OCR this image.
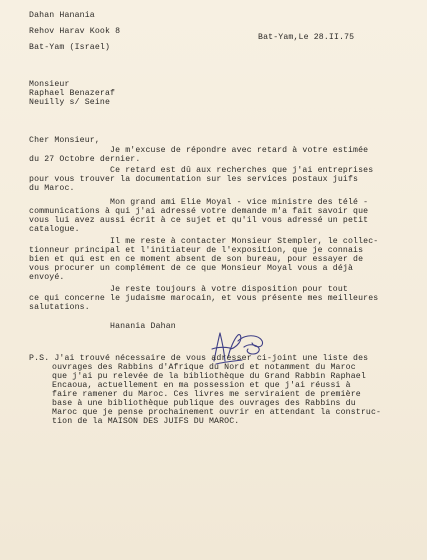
Dahan Hanania
Rehov Harav Kook 8
Bat-Yam (Israel)
Bat-Yam,Le 28.II.75
Monsieur
Raphael Benazeraf
Neuilly s/ Seine
Cher Monsieur,
Je m'excuse de répondre avec retard à votre estimée
du 27 Octobre dernier.
Ce retard est dû aux recherches que j'ai entreprises
pour vous trouver la documentation sur les services postaux juifs
du Maroc.
Mon grand ami Elie Moyal - vice ministre des télé -
communications à qui j'ai adressé votre demande m'a fait savoir que
vous lui avez aussi écrit à ce sujet et qu'il vous adressé un petit
catalogue.
Il me reste à contacter Monsieur Stempler, le collec-
tionneur principal et l'initiateur de l'exposition, que je connais
bien et qui est en ce moment absent de son bureau, pour essayer de
vous procurer un complément de ce que Monsieur Moyal vous a déjà
envoyé.
Je reste toujours à votre disposition pour tout
ce qui concerne le judaisme marocain, et vous présente mes meilleures
salutations.
Hanania Dahan
P.S. J'ai trouvé nécessaire de vous adresser ci-joint une liste des
ouvrages des Rabbins d'Afrique du Nord et notamment du Maroc
que j'ai pu relevée de la bibliothèque du Grand Rabbin Raphael
Encaoua, actuellement en ma possession et que j'ai réussi à
faire ramener du Maroc. Ces livres me serviraient de première
base à une bibliothèque publique des ouvrages des Rabbins du
Maroc que je pense prochainement ouvrir en attendant la construc-
tion de la MAISON DES JUIFS DU MAROC.
